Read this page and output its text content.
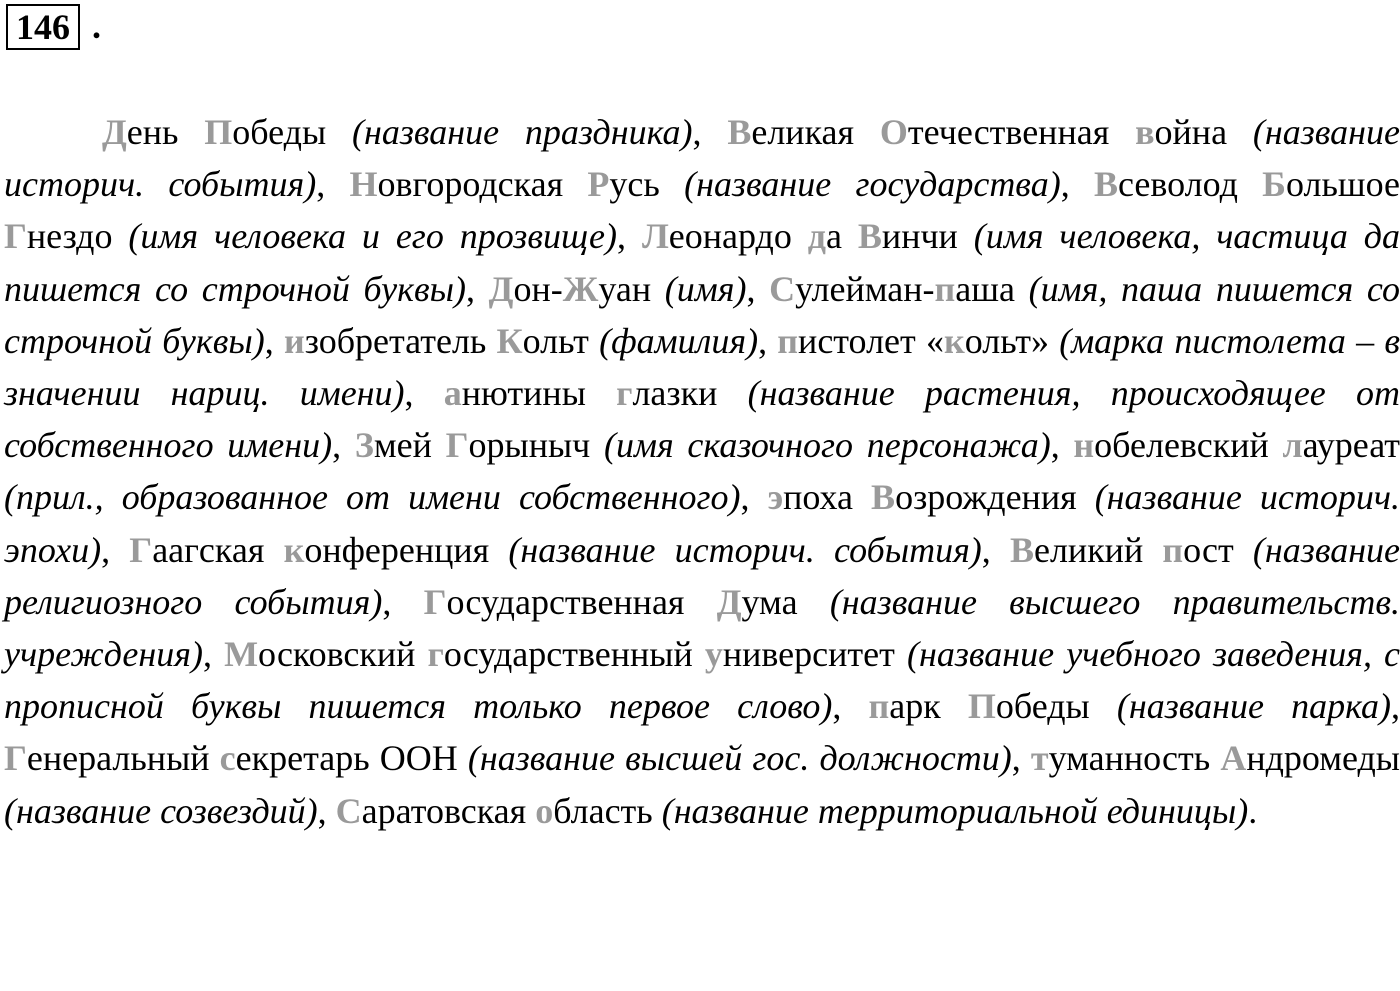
146 .
День Победы (название праздника), Великая Отечественная война (название историч. события), Новгородская Русь (название государства), Всеволод Большое Гнездо (имя человека и его прозвище), Леонардо да Винчи (имя человека, частица да пишется со строчной буквы), Дон-Жуан (имя), Сулейман-паша (имя, паша пишется со строчной буквы), изобретатель Кольт (фамилия), пистолет «кольт» (марка пистолета – в значении нариц. имени), анютины глазки (название растения, происходящее от собственного имени), Змей Горыныч (имя сказочного персонажа), нобелевский лауреат (прил., образованное от имени собственного), эпоха Возрождения (название историч. эпохи), Гаагская конференция (название историч. события), Великий пост (название религиозного события), Государственная Дума (название высшего правительств. учреждения), Московский государственный университет (название учебного заведения, с прописной буквы пишется только первое слово), парк Победы (название парка), Генеральный секретарь ООН (название высшей гос. должности), туманность Андромеды (название созвездий), Саратовская область (название территориальной единицы).
